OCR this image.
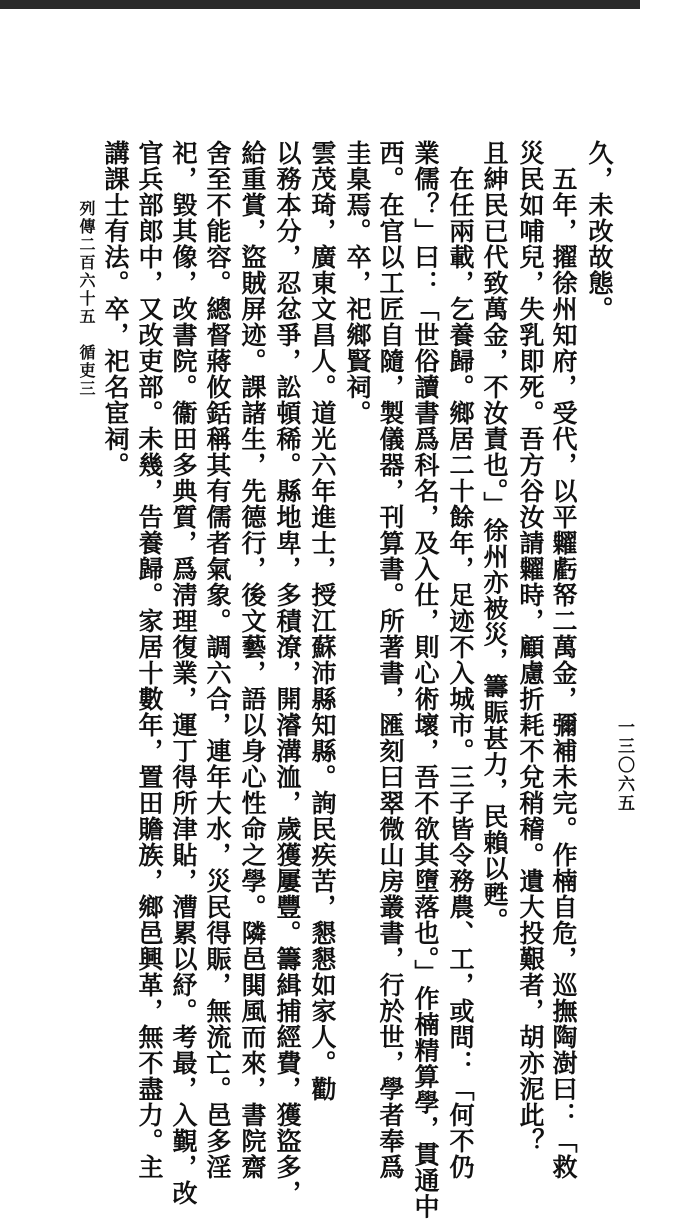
久，未改故態。
　五年，擢徐州知府，受代，以平糶虧帑二萬金，彌補未完。作楠自危，巡撫陶澍曰：「救
災民如哺兒，失乳即死。吾方谷汝請糶時，顧慮折耗不兌稍稽。遺大投艱者，胡亦泥此？
且紳民已代致萬金，不汝責也。」徐州亦被災，籌賑甚力，民賴以甦。
　在任兩載，乞養歸。鄉居二十餘年，足迹不入城市。三子皆令務農、工，或問：「何不仍
業儒？」曰：「世俗讀書爲科名，及入仕，則心術壞，吾不欲其墮落也。」作楠精算學，貫通中
西。在官以工匠自隨，製儀器，刊算書。所著書，匯刻曰翠微山房叢書，行於世，學者奉爲
圭臬焉。卒，祀鄉賢祠。
雲茂琦，廣東文昌人。道光六年進士，授江蘇沛縣知縣。詢民疾苦，懇懇如家人。勸
以務本分，忍忿爭，訟頓稀。縣地卑，多積潦，開濬溝洫，歲獲屢豐。籌緝捕經費，獲盜多，
給重賞，盜賊屏迹。課諸生，先德行，後文藝，語以身心性命之學。隣邑閧風而來，書院齋
舍至不能容。總督蔣攸銛稱其有儒者氣象。調六合，連年大水，災民得賑，無流亡。邑多淫
祀，毀其像，改書院。衞田多典質，爲淸理復業，運丁得所津貼，漕累以紓。考最，入覲，改
官兵部郎中，又改吏部。未幾，告養歸。家居十數年，置田贍族，鄉邑興革，無不盡力。主
講課士有法。卒，祀名宦祠。
列傳二百六十五　循吏三
一三〇六五
